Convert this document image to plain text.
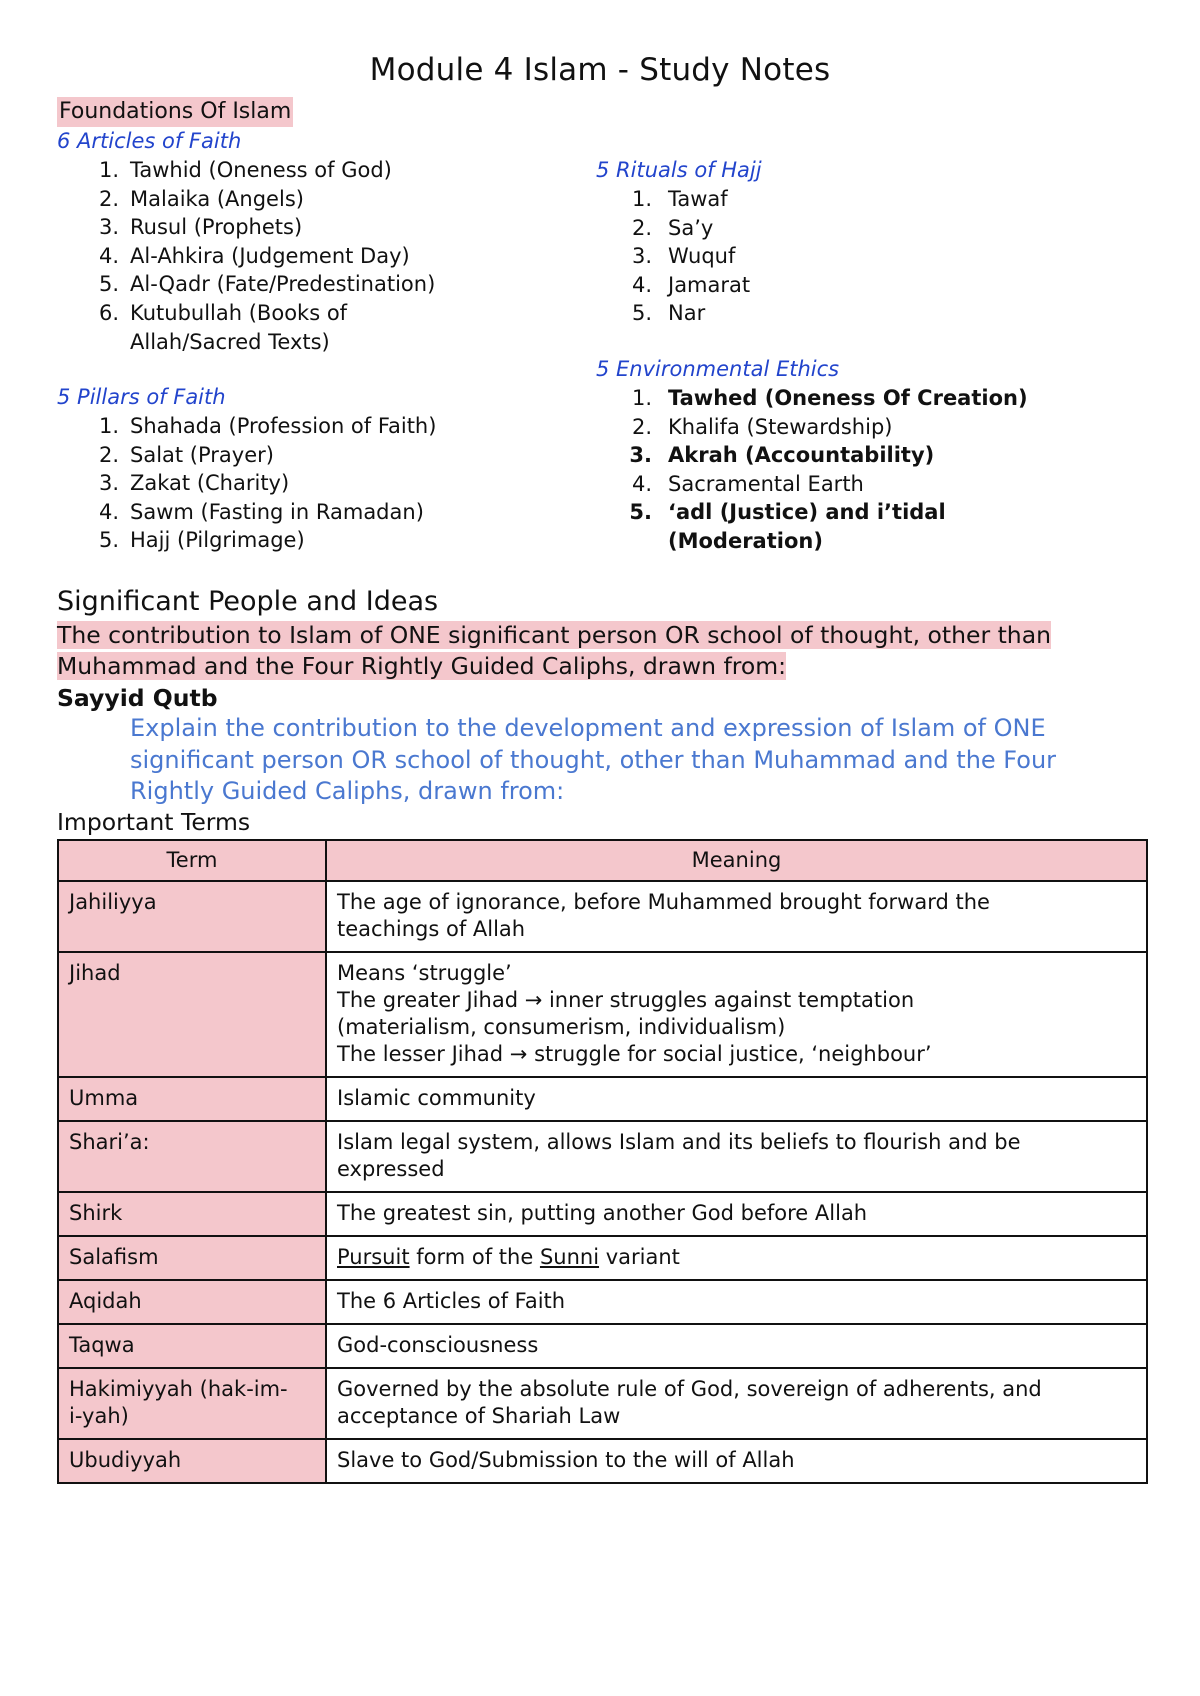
Module 4 Islam - Study Notes
Foundations Of Islam
6 Articles of Faith
1. Tawhid (Oneness of God)
2. Malaika (Angels)
3. Rusul (Prophets)
4. Al-Ahkira (Judgement Day)
5. Al-Qadr (Fate/Predestination)
6. Kutubullah (Books of
Allah/Sacred Texts)
5 Pillars of Faith
1. Shahada (Profession of Faith)
2. Salat (Prayer)
3. Zakat (Charity)
4. Sawm (Fasting in Ramadan)
5. Hajj (Pilgrimage)
5 Rituals of Hajj
1. Tawaf
2. Sa’y
3. Wuquf
4. Jamarat
5. Nar
5 Environmental Ethics
1. Tawhed (Oneness Of Creation)
2. Khalifa (Stewardship)
3. Akrah (Accountability)
4. Sacramental Earth
5. ‘adl (Justice) and i’tidal
(Moderation)
Significant People and Ideas
The contribution to Islam of ONE significant person OR school of thought, other than
Muhammad and the Four Rightly Guided Caliphs, drawn from:
Sayyid Qutb
Explain the contribution to the development and expression of Islam of ONE
significant person OR school of thought, other than Muhammad and the Four
Rightly Guided Caliphs, drawn from:
Important Terms
Term	Meaning
Jahiliyya	The age of ignorance, before Muhammed brought forward the
teachings of Allah
Jihad	Means ‘struggle’
The greater Jihad → inner struggles against temptation
(materialism, consumerism, individualism)
The lesser Jihad → struggle for social justice, ‘neighbour’
Umma	Islamic community
Shari’a:	Islam legal system, allows Islam and its beliefs to flourish and be
expressed
Shirk	The greatest sin, putting another God before Allah
Salafism	Pursuit form of the Sunni variant
Aqidah	The 6 Articles of Faith
Taqwa	God-consciousness
Hakimiyyah (hak-im-
i-yah)	Governed by the absolute rule of God, sovereign of adherents, and
acceptance of Shariah Law
Ubudiyyah	Slave to God/Submission to the will of Allah
